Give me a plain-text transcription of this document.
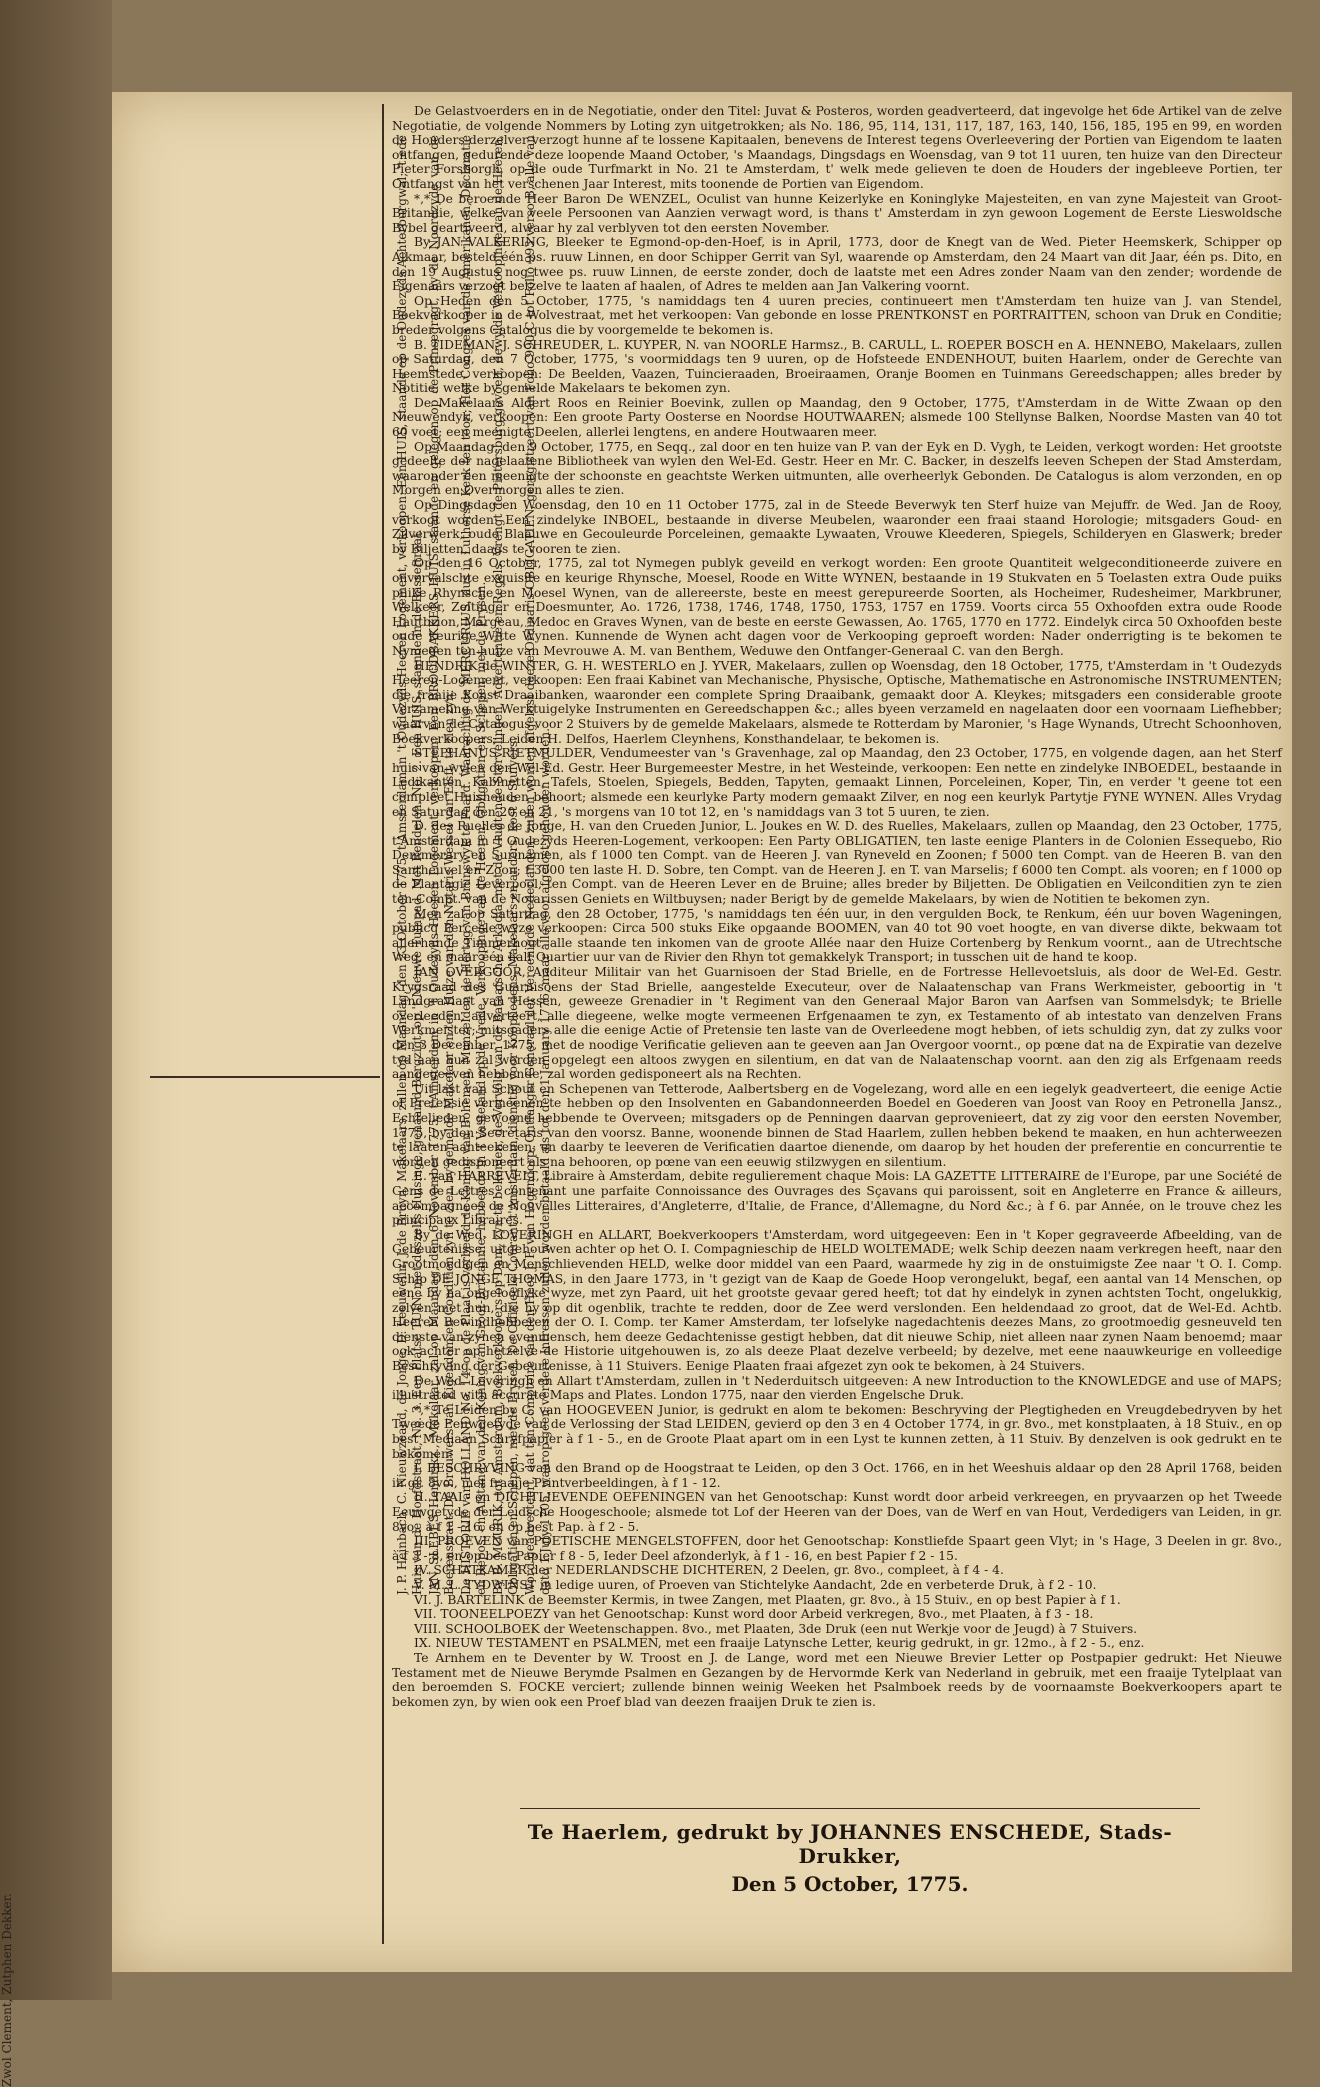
J. P. Heinbach, C. Nieuwzeand, de Jonge, D. Leeuwelin, J. de Bruyn, Makelaars, zullen op Maandag, den 23 October 1775, t'Amsterdam in 't Oudezyds Heeren Logement, verkoopen: Een HUIS, staande op de Oudezyds Achterburgwal; 't ede Huis van de Hoofdstraat, No. 3. Een Platse TUIN, met deszelfs Huisinge, genaamd Bergzigt, op 't Nieuwe Tuinpad. Met Rendelen. No. 2. Een HUIS, staande in de Basseftraat. JAN SLEBES Hendrikz., Makelaar, zal op Maandag, den 6 November 1775, t'Amsterdam in 't Oudezyds Heeren Logement, verkoopen: Een BROODBAKKERS HUIS, staande en gelegen op de Prinsegragt, by de Noordzyde van de Beerenstraat. De Brouwers van Eigendom en Conditien zyn te zien by gemelde Makelaar en ten Huize van den Notaris Wessel van Elsft, te zien zyn. De HISTORIE van HOLLAND No. 14, op de Plaat is verbeeld de Koning van Bohemen, Munzelden de Hertog van Brunswyk te Paard. Waarachtig de MERCURIUS, dus in Lutherse Kerk ten toon; Het Congres van de Amerikanen, Declaratie en Repos, en Afstand van den Koning van Groot-Brittannie, hebbende in 't Vasteland op de Vrede, Verkoopinge van de Heeren, Obligatien en Schepen, met de Prysen. By B. MOURIK, tot Amsterdam, Boekverkoopers op Dam, zyn te bekomen, de Vervolg van de Bataafsche Arkadia, met de Vlugtende Stervelingen, Advertentie en Regels. Vrengt de Pietersburg gevoelt, dewylde Verkoopinge van de Heeren, Obligatien en Schepen, met de Prysen. De Officieele Courant t'Amsterdam, dienstig voor Koopliedens, Makelaars en anders, kost 6 Stuivers. Word geadverteert, dat ten Comptoire van den Heer J. F. van Hogendorp, Ontfanger Generaal der Vereenigde Nederlanden, zullen worden afgelost deeze Ordinaris OBLIGATIEN, geregistreert van Folio 990 C tot Folio 993 verso B, alle van dato 1 July 1705, waarop geen verdere Intressen zullen worden betaald als tot den 1 January 1776, maar alle voor afgelost gehouden worden.

Zwol Clement, Zutphen Dekker.

De Gelastvoerders en in de Negotiatie, onder den Titel: Juvat & Posteros, worden geadverteerd, dat ingevolge het 6de Artikel van de zelve Negotiatie, de volgende Nommers by Loting zyn uitgetrokken; als No. 186, 95, 114, 131, 117, 187, 163, 140, 156, 185, 195 en 99, en worden de Houders derzelver verzogt hunne af te lossene Kapitaalen, benevens de Interest tegens Overleevering der Portien van Eigendom te laaten ontfangen, gedurende deze loopende Maand October, 's Maandags, Dingsdags en Woensdag, van 9 tot 11 uuren, ten huize van den Directeur Pieter Forsborgh, op de oude Turfmarkt in No. 21 te Amsterdam, t' welk mede gelieven te doen de Houders der ingebleeve Portien, ter Ontfangst van het verschenen Jaar Interest, mits toonende de Portien van Eigendom.

*,* De beroemde Heer Baron De WENZEL, Oculist van hunne Keizerlyke en Koninglyke Majesteiten, en van zyne Majesteit van Groot-Britannie, welke van veele Persoonen van Aanzien verwagt word, is thans t' Amsterdam in zyn gewoon Logement de Eerste Lieswoldsche Bybel geartiveerd, alwaar hy zal verblyven tot den eersten November.

By JAN VALKERING, Bleeker te Egmond-op-den-Hoef, is in April, 1773, door de Knegt van de Wed. Pieter Heemskerk, Schipper op Alkmaar, besteld één ps. ruuw Linnen, en door Schipper Gerrit van Syl, waarende op Amsterdam, den 24 Maart van dit Jaar, één ps. Dito, en den 19 Augustus nog twee ps. ruuw Linnen, de eerste zonder, doch de laatste met een Adres zonder Naam van den zender; wordende de Eigenaars verzogt betzelve te laaten af haalen, of Adres te melden aan Jan Valkering voornt.

Op Heden den 5 October, 1775, 's namiddags ten 4 uuren precies, continueert men t'Amsterdam ten huize van J. van Stendel, Boekverkooper in de Wolvestraat, met het verkoopen: Van gebonde en losse PRENTKONST en PORTRAITTEN, schoon van Druk en Conditie; breder volgens Catalogus die by voorgemelde te bekomen is.

B. TIDEMAN, J. SCHREUDER, L. KUYPER, N. van NOORLE Harmsz., B. CARULL, L. ROEPER BOSCH en A. HENNEBO, Makelaars, zullen op Saturdag, den 7 October, 1775, 's voormiddags ten 9 uuren, op de Hofsteede ENDENHOUT, buiten Haarlem, onder de Gerechte van Heemstede, verkoopen: De Beelden, Vaazen, Tuincieraaden, Broeiraamen, Oranje Boomen en Tuinmans Gereedschappen; alles breder by Notitie, welke by gemelde Makelaars te bekomen zyn.

De Makelaars Aldert Roos en Reinier Boevink, zullen op Maandag, den 9 October, 1775, t'Amsterdam in de Witte Zwaan op den Nieuwendyk, verkoopen: Een groote Party Oosterse en Noordse HOUTWAAREN; alsmede 100 Stellynse Balken, Noordse Masten van 40 tot 60 voet; een meenigte Deelen, allerlei lengtens, en andere Houtwaaren meer.

Op Maandag, den 9 October, 1775, en Seqq., zal door en ten huize van P. van der Eyk en D. Vygh, te Leiden, verkogt worden: Het grootste gedeelte der nagelaatene Bibliotheek van wylen den Wel-Ed. Gestr. Heer en Mr. C. Backer, in deszelfs leeven Schepen der Stad Amsterdam, waaronder een meenigte der schoonste en geachtste Werken uitmunten, alle overheerlyk Gebonden. De Catalogus is alom verzonden, en op Morgen en Overmorgen alles te zien.

Op Dingsdag en Woensdag, den 10 en 11 October 1775, zal in de Steede Beverwyk ten Sterf huize van Mejuffr. de Wed. Jan de Rooy, verkogt worden: Een zindelyke INBOEL, bestaande in diverse Meubelen, waaronder een fraai staand Horologie; mitsgaders Goud- en Zilverwerk, oude Blaauwe en Gecouleurde Porceleinen, gemaakte Lywaaten, Vrouwe Kleederen, Spiegels, Schilderyen en Glaswerk; breder by Biljetten, daags te vooren te zien.

Op den 16 October, 1775, zal tot Nymegen publyk geveild en verkogt worden: Een groote Quantiteit welgeconditioneerde zuivere en onvervalschte exquisite en keurige Rhynsche, Moesel, Roode en Witte WYNEN, bestaande in 19 Stukvaten en 5 Toelasten extra Oude puiks puike Rhynsche en Moesel Wynen, van de allereerste, beste en meest gerepureerde Soorten, als Hocheimer, Rudesheimer, Markbruner, Welkeer, Zeltinger en Doesmunter, Ao. 1726, 1738, 1746, 1748, 1750, 1753, 1757 en 1759. Voorts circa 55 Oxhoofden extra oude Roode Hautbrion, Margeau, Medoc en Graves Wynen, van de beste en eerste Gewassen, Ao. 1765, 1770 en 1772. Eindelyk circa 50 Oxhoofden beste oude keurige Witte Wynen. Kunnende de Wynen acht dagen voor de Verkooping geproeft worden: Nader onderrigting is te bekomen te Nymegen ten huize van Mevrouwe A. M. van Benthem, Weduwe den Ontfanger-Generaal C. van den Bergh.

HENDRIK de WINTER, G. H. WESTERLO en J. YVER, Makelaars, zullen op Woensdag, den 18 October, 1775, t'Amsterdam in 't Oudezyds Heeren-Logement, verkoopen: Een fraai Kabinet van Mechanische, Physische, Optische, Mathematische en Astronomische INSTRUMENTEN; die fraaije Konst Draaibanken, waaronder een complete Spring Draaibank, gemaakt door A. Kleykes; mitsgaders een considerable groote Verzameling van Werktuigelyke Instrumenten en Gereedschappen &c.; alles byeen verzameld en nagelaaten door een voornaam Liefhebber; waarvan de Catalogus voor 2 Stuivers by de gemelde Makelaars, alsmede te Rotterdam by Maronier, 's Hage Wynands, Utrecht Schoonhoven, Boekverkoopers; Leiden H. Delfos, Haerlem Cleynhens, Konsthandelaar, te bekomen is.

STEPHANUS RIETMULDER, Vendumeester van 's Gravenhage, zal op Maandag, den 23 October, 1775, en volgende dagen, aan het Sterf huis van wylen den Wel-Ed. Gestr. Heer Burgemeester Mestre, in het Westeinde, verkoopen: Een nette en zindelyke INBOEDEL, bestaande in Ledikanten, Kabinetten, Tafels, Stoelen, Spiegels, Bedden, Tapyten, gemaakt Linnen, Porceleinen, Koper, Tin, en verder 't geene tot een compleet Huishouden behoort; alsmede een keurlyke Party modern gemaakt Zilver, en nog een keurlyk Partytje FYNE WYNEN. Alles Vrydag en Saturdag den 20 en 21, 's morgens van 10 tot 12, en 's namiddags van 3 tot 5 uuren, te zien.

D. des Ruelles de Jonge, H. van den Crueden Junior, L. Joukes en W. D. des Ruelles, Makelaars, zullen op Maandag, den 23 October, 1775, t'Amsterdam in 't Oudezyds Heeren-Logement, verkoopen: Een Party OBLIGATIEN, ten laste eenige Planters in de Colonien Essequebo, Rio Demmerary en Surinamen, als f 1000 ten Compt. van de Heeren J. van Ryneveld en Zoonen; f 5000 ten Compt. van de Heeren B. van den Santheuvel en Zoon; f 3000 ten laste H. D. Sobre, ten Compt. van de Heeren J. en T. van Marselis; f 6000 ten Compt. als vooren; en f 1000 op de Plantagie Leverpool, ten Compt. van de Heeren Lever en de Bruine; alles breder by Biljetten. De Obligatien en Veilconditien zyn te zien ten Compt. van de Notarissen Geniets en Wiltbuysen; nader Berigt by de gemelde Makelaars, by wien de Notitien te bekomen zyn.

Men zal op Saturdag, den 28 October, 1775, 's namiddags ten één uur, in den vergulden Bock, te Renkum, één uur boven Wageningen, publicq Percesle wyze verkoopen: Circa 500 stuks Eike opgaande BOOMEN, van 40 tot 90 voet hoogte, en van diverse dikte, bekwaam tot allerhande Timmerhout, alle staande ten inkomen van de groote Allée naar den Huize Cortenberg by Renkum voornt., aan de Utrechtsche Weg, en maar één half Quartier uur van de Rivier den Rhyn tot gemakkelyk Transport; in tusschen uit de hand te koop.

JAN OVERGOOR, Auditeur Militair van het Guarnisoen der Stad Brielle, en de Fortresse Hellevoetsluis, als door de Wel-Ed. Gestr. Krygsraad des Guarnisoens der Stad Brielle, aangestelde Executeur, over de Nalaatenschap van Frans Werkmeister, geboortig in 't Landgraviaat van Hessen, geweeze Grenadier in 't Regiment van den Generaal Major Baron van Aarfsen van Sommelsdyk; te Brielle overleeden, adverteert, alle diegeene, welke mogte vermeenen Erfgenaamen te zyn, ex Testamento of ab intestato van denzelven Frans Werkmeister; mitsgaders alle die eenige Actie of Pretensie ten laste van de Overleedene mogt hebben, of iets schuldig zyn, dat zy zulks voor den 3 December, 1775, met de noodige Verificatie gelieven aan te geeven aan Jan Overgoor voornt., op pœne dat na de Expiratie van dezelve tyd aan hun zal worden opgelegt een altoos zwygen en silentium, en dat van de Nalaatenschap voornt. aan den zig als Erfgenaam reeds aangegeeven hebbende, zal worden gedisponeert als na Rechten.

Uit last van Schout en Schepenen van Tetterode, Aalbertsberg en de Vogelezang, word alle en een iegelyk geadverteert, die eenige Actie of Pretensie vermeenen te hebben op den Insolventen en Gabandonneerden Boedel en Goederen van Joost van Rooy en Petronella Jansz., Echtelieden, gewoond hebbende te Overveen; mitsgaders op de Penningen daarvan geprovenieert, dat zy zig voor den eersten November, 1775, by den Secretaris van den voorsz. Banne, woonende binnen de Stad Haarlem, zullen hebben bekend te maaken, en hun achterweezen te laaten aanteekenen; en daarby te leeveren de Verificatien daartoe dienende, om daarop by het houden der preferentie en concurrentie te worden gedisponeert als na behooren, op pœne van een eeuwig stilzwygen en silentium.

E. van HARREVELT, Libraire à Amsterdam, debite regulierement chaque Mois: LA GAZETTE LITTERAIRE de l'Europe, par une Société de Gens de Lettres, contenant une parfaite Connoissance des Ouvrages des Sçavans qui paroissent, soit en Angleterre en France & ailleurs, accompagnées de Nouvelles Litteraires, d'Angleterre, d'Italie, de France, d'Allemagne, du Nord &c.; à f 6. par Année, on le trouve chez les principaux Libraires.

By de Wed. LOVERINGH en ALLART, Boekverkoopers t'Amsterdam, word uitgegeeven: Een in 't Koper gegraveerde Afbeelding, van de Gebeurtenisse, uitgehouwen achter op het O. I. Compagnieschip de HELD WOLTEMADE; welk Schip deezen naam verkregen heeft, naar den Grootmoedigen en Menschlievenden HELD, welke door middel van een Paard, waarmede hy zig in de onstuimigste Zee naar 't O. I. Comp. Schip DE JONGE THOMAS, in den Jaare 1773, in 't gezigt van de Kaap de Goede Hoop verongelukt, begaf, een aantal van 14 Menschen, op eene by na ongelooflyke wyze, met zyn Paard, uit het grootste gevaar gered heeft; tot dat hy eindelyk in zynen achtsten Tocht, ongelukkig, zelven met hun, die hy op dit ogenblik, trachte te redden, door de Zee werd verslonden. Een heldendaad zo groot, dat de Wel-Ed. Achtb. Heeren Bewindhebberen der O. I. Comp. ter Kamer Amsterdam, ter lofselyke nagedachtenis deezes Mans, zo grootmoedig gesneuveld ten dienste van zynen evenmensch, hem deeze Gedachtenisse gestigt hebben, dat dit nieuwe Schip, niet alleen naar zynen Naam benoemd; maar ook achter op hetzelve de Historie uitgehouwen is, zo als deeze Plaat dezelve verbeeld; by dezelve, met eene naauwkeurige en volleedige Beschryving der Gebeurtenisse, à 11 Stuivers. Eenige Plaaten fraai afgezet zyn ook te bekomen, à 24 Stuivers.

De Wed. Loveringh en Allart t'Amsterdam, zullen in 't Nederduitsch uitgeeven: A new Introduction to the KNOWLEDGE and use of MAPS; illustrated with accurate Maps and Plates. London 1775, naar den vierden Engelsche Druk.

*,* Te Leiden by C. van HOOGEVEEN Junior, is gedrukt en alom te bekomen: Beschryving der Plegtigheden en Vreugdebedryven by het Tweede Eeuwgetyde van de Verlossing der Stad LEIDEN, gevierd op den 3 en 4 October 1774, in gr. 8vo., met konstplaaten, à 18 Stuiv., en op best Mediaan Schryfpapier à f 1 - 5., en de Groote Plaat apart om in een Lyst te kunnen zetten, à 11 Stuiv. By denzelven is ook gedrukt en te bekomen:

I. BESCHRYVING van den Brand op de Hoogstraat te Leiden, op den 3 Oct. 1766, en in het Weeshuis aldaar op den 28 April 1768, beiden in gr. 8vo., met fraaije Printverbeeldingen, à f 1 - 12.

II. TAAL- en DICHTLIEVENDE OEFENINGEN van het Genootschap: Kunst wordt door arbeid verkreegen, en pryvaarzen op het Tweede Eeuwgetyde der Leidsche Hoogeschoole; alsmede tot Lof der Heeren van der Does, van de Werf en van Hout, Verdedigers van Leiden, in gr. 8vo., à f 1 - 16, en op best Pap. à f 2 - 5.

III. PROEVEN van POETISCHE MENGELSTOFFEN, door het Genootschap: Konstliefde Spaart geen Vlyt; in 's Hage, 3 Deelen in gr. 8vo., à f 3 - 8, en op best Papier f 8 - 5, Ieder Deel afzonderlyk, à f 1 - 16, en best Papier f 2 - 15.

IV. SCHATKAMER der NEDERLANDSCHE DICHTEREN, 2 Deelen, gr. 8vo., compleet, à f 4 - 4.

V. M. L. TYDWINST in ledige uuren, of Proeven van Stichtelyke Aandacht, 2de en verbeterde Druk, à f 2 - 10.

VI. J. BARTELINK de Beemster Kermis, in twee Zangen, met Plaaten, gr. 8vo., à 15 Stuiv., en op best Papier à f 1.

VII. TOONEELPOEZY van het Genootschap: Kunst word door Arbeid verkregen, 8vo., met Plaaten, à f 3 - 18.

VIII. SCHOOLBOEK der Weetenschappen. 8vo., met Plaaten, 3de Druk (een nut Werkje voor de Jeugd) à 7 Stuivers.

IX. NIEUW TESTAMENT en PSALMEN, met een fraaije Latynsche Letter, keurig gedrukt, in gr. 12mo., à f 2 - 5., enz.

Te Arnhem en te Deventer by W. Troost en J. de Lange, word met een Nieuwe Brevier Letter op Postpapier gedrukt: Het Nieuwe Testament met de Nieuwe Berymde Psalmen en Gezangen by de Hervormde Kerk van Nederland in gebruik, met een fraaije Tytelplaat van den beroemden S. FOCKE verciert; zullende binnen weinig Weeken het Psalmboek reeds by de voornaamste Boekverkoopers apart te bekomen zyn, by wien ook een Proef blad van deezen fraaijen Druk te zien is.

Te Haerlem, gedrukt by JOHANNES ENSCHEDE, Stads-Drukker,
Den 5 October, 1775.
